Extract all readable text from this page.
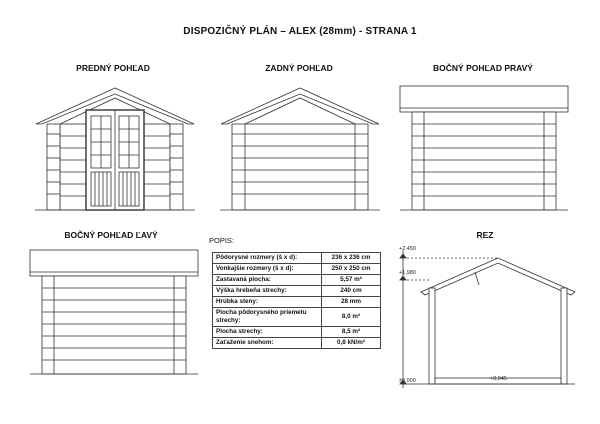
DISPOZIČNÝ PLÁN – ALEX (28mm) - STRANA 1
PREDNÝ POHĽAD	ZADNÝ POHĽAD	BOČNÝ POHĽAD PRAVÝ
BOČNÝ POHĽAD ĽAVÝ	REZ
+2,450
+1,980
±0,000	+0,045
POPIS:
Pôdorysné rozmery (š x d):	236 x 236 cm
Vonkajšie rozmery (š x d):	250 x 250 cm
Zastavaná plocha:	5,57 m²
Výška hrebeňa strechy:	240 cm
Hrúbka steny:	28 mm
Plocha pôdorysného priemetu strechy:	8,0 m²
Plocha strechy:	8,5 m²
Zaťaženie snehom:	0,8 kN/m²
